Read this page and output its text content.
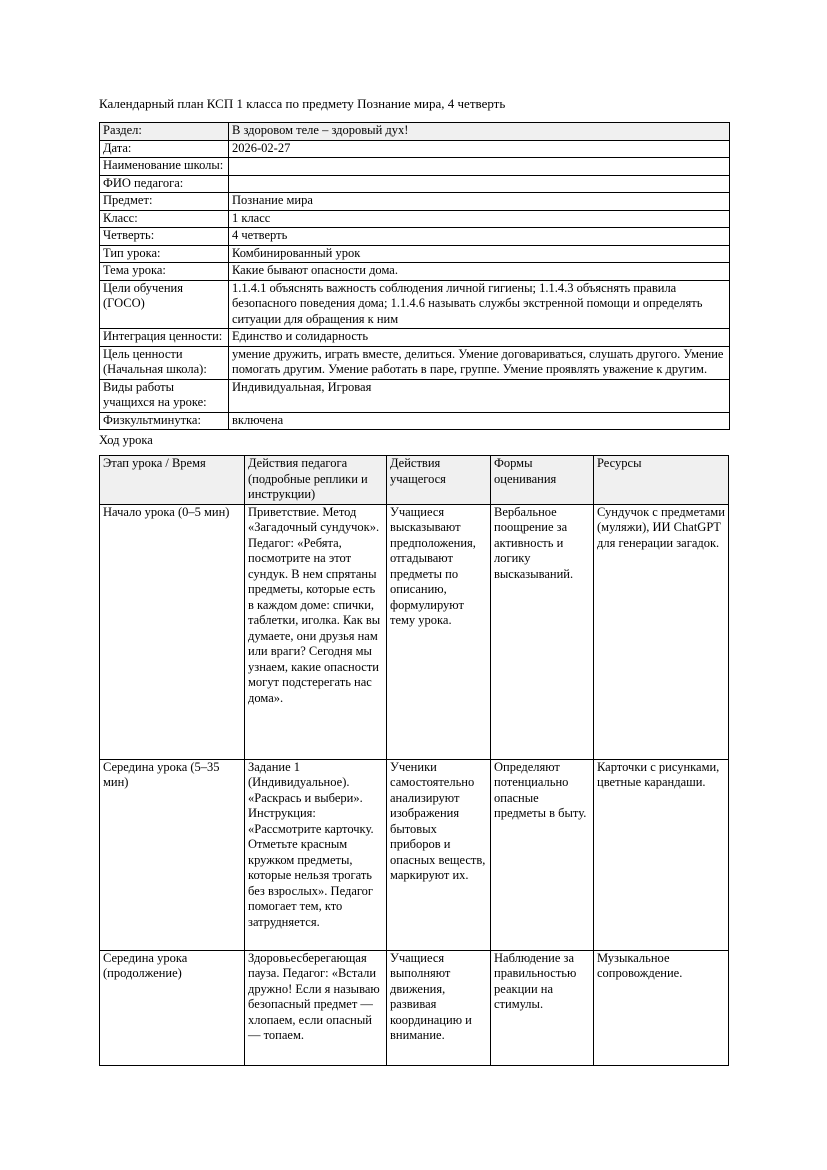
Календарный план КСП 1 класса по предмету Познание мира, 4 четверть

Раздел:	В здоровом теле – здоровый дух!
Дата:	2026-02-27
Наименование школы:	
ФИО педагога:	
Предмет:	Познание мира
Класс:	1 класс
Четверть:	4 четверть
Тип урока:	Комбинированный урок
Тема урока:	Какие бывают опасности дома.
Цели обучения (ГОСО)	1.1.4.1 объяснять важность соблюдения личной гигиены; 1.1.4.3 объяснять правила безопасного поведения дома; 1.1.4.6 называть службы экстренной помощи и определять ситуации для обращения к ним
Интеграция ценности:	Единство и солидарность
Цель ценности (Начальная школа):	умение дружить, играть вместе, делиться. Умение договариваться, слушать другого. Умение помогать другим. Умение работать в паре, группе. Умение проявлять уважение к другим.
Виды работы учащихся на уроке:	Индивидуальная, Игровая
Физкультминутка:	включена

Ход урока

Этап урока / Время	Действия педагога (подробные реплики и инструкции)	Действия учащегося	Формы оценивания	Ресурсы
Начало урока (0–5 мин)	Приветствие. Метод «Загадочный сундучок». Педагог: «Ребята, посмотрите на этот сундук. В нем спрятаны предметы, которые есть в каждом доме: спички, таблетки, иголка. Как вы думаете, они друзья нам или враги? Сегодня мы узнаем, какие опасности могут подстерегать нас дома».	Учащиеся высказывают предположения, отгадывают предметы по описанию, формулируют тему урока.	Вербальное поощрение за активность и логику высказываний.	Сундучок с предметами (муляжи), ИИ ChatGPT для генерации загадок.
Середина урока (5–35 мин)	Задание 1 (Индивидуальное). «Раскрась и выбери». Инструкция: «Рассмотрите карточку. Отметьте красным кружком предметы, которые нельзя трогать без взрослых». Педагог помогает тем, кто затрудняется.	Ученики самостоятельно анализируют изображения бытовых приборов и опасных веществ, маркируют их.	Определяют потенциально опасные предметы в быту.	Карточки с рисунками, цветные карандаши.
Середина урока (продолжение)	Здоровьесберегающая пауза. Педагог: «Встали дружно! Если я называю безопасный предмет — хлопаем, если опасный — топаем.	Учащиеся выполняют движения, развивая координацию и внимание.	Наблюдение за правильностью реакции на стимулы.	Музыкальное сопровождение.
